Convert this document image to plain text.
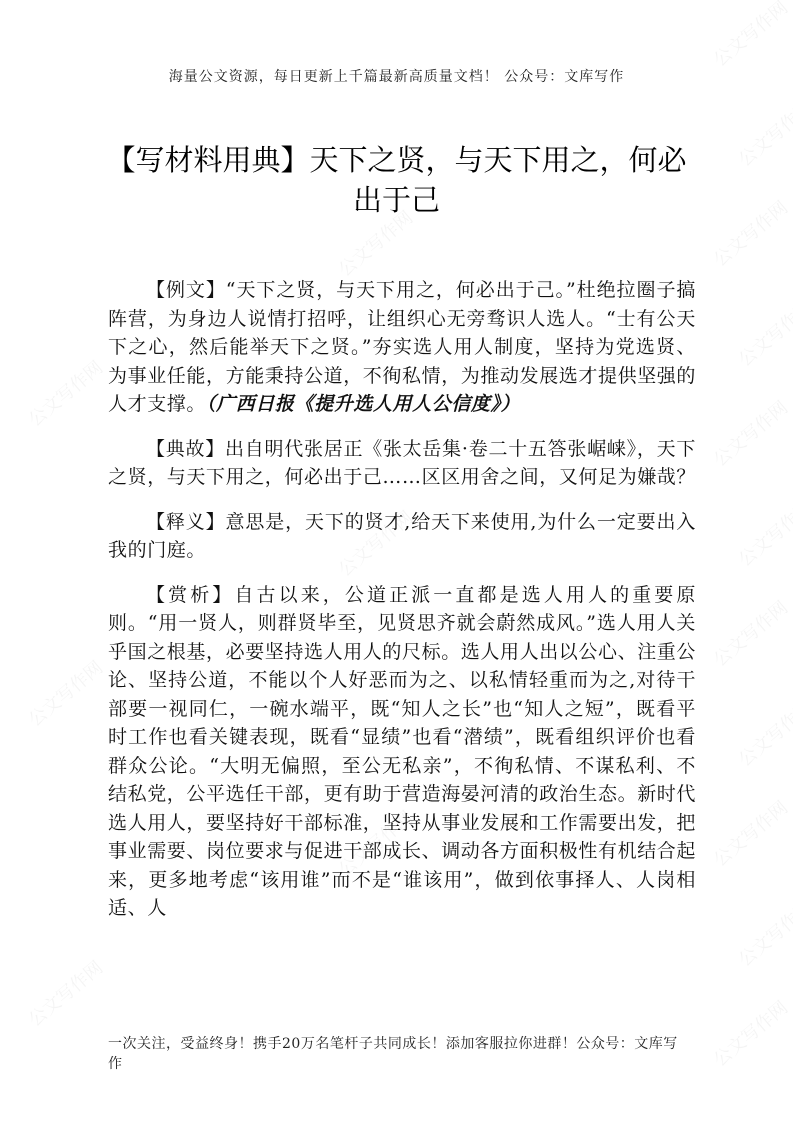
海量公文资源，每日更新上千篇最新高质量文档！ 公众号：文库写作
【写材料用典】天下之贤，与天下用之，何必出于己

【例文】“天下之贤，与天下用之，何必出于己。”杜绝拉圈子搞阵营，为身边人说情打招呼，让组织心无旁骛识人选人。“士有公天下之心，然后能举天下之贤。”夯实选人用人制度，坚持为党选贤、为事业任能，方能秉持公道，不徇私情，为推动发展选才提供坚强的人才支撑。（广西日报《提升选人用人公信度》）

【典故】出自明代张居正《张太岳集·卷二十五答张崌崃》，天下之贤，与天下用之，何必出于己……区区用舍之间，又何足为嫌哉？

【释义】意思是，天下的贤才,给天下来使用,为什么一定要出入我的门庭。

【赏析】自古以来，公道正派一直都是选人用人的重要原则。“用一贤人，则群贤毕至，见贤思齐就会蔚然成风。”选人用人关乎国之根基，必要坚持选人用人的尺标。选人用人出以公心、注重公论、坚持公道，不能以个人好恶而为之、以私情轻重而为之,对待干部要一视同仁，一碗水端平，既“知人之长”也“知人之短”，既看平时工作也看关键表现，既看“显绩”也看“潜绩”，既看组织评价也看群众公论。“大明无偏照，至公无私亲”，不徇私情、不谋私利、不结私党，公平选任干部，更有助于营造海晏河清的政治生态。新时代选人用人，要坚持好干部标准，坚持从事业发展和工作需要出发，把事业需要、岗位要求与促进干部成长、调动各方面积极性有机结合起来，更多地考虑“该用谁”而不是“谁该用”，做到依事择人、人岗相适、人

一次关注，受益终身！携手20万名笔杆子共同成长！添加客服拉你进群！公众号：文库写作
